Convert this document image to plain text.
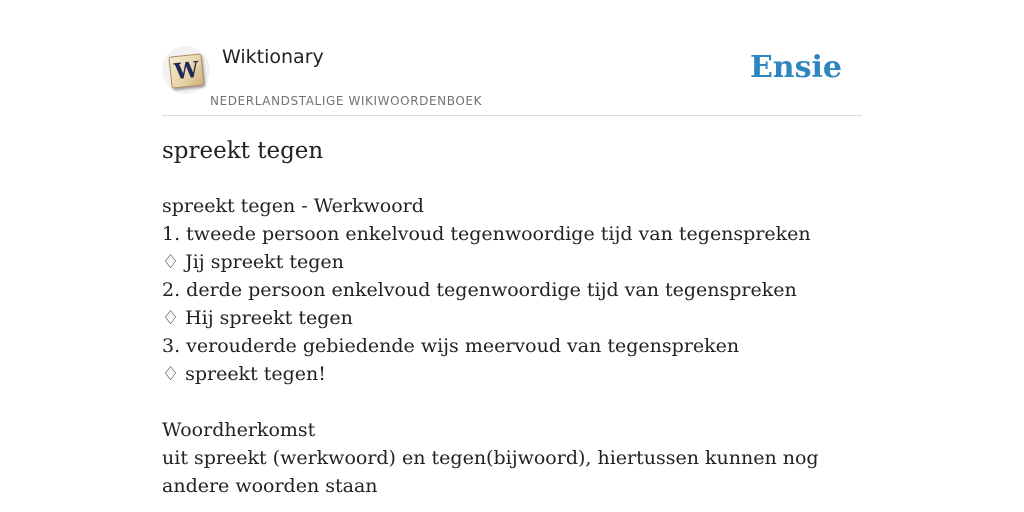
W Wiktionary
NEDERLANDSTALIGE WIKIWOORDENBOEK
Ensie
spreekt tegen
spreekt tegen - Werkwoord
1. tweede persoon enkelvoud tegenwoordige tijd van tegenspreken
♢ Jij spreekt tegen
2. derde persoon enkelvoud tegenwoordige tijd van tegenspreken
♢ Hij spreekt tegen
3. verouderde gebiedende wijs meervoud van tegenspreken
♢ spreekt tegen!
Woordherkomst
uit spreekt (werkwoord) en tegen(bijwoord), hiertussen kunnen nog andere woorden staan
